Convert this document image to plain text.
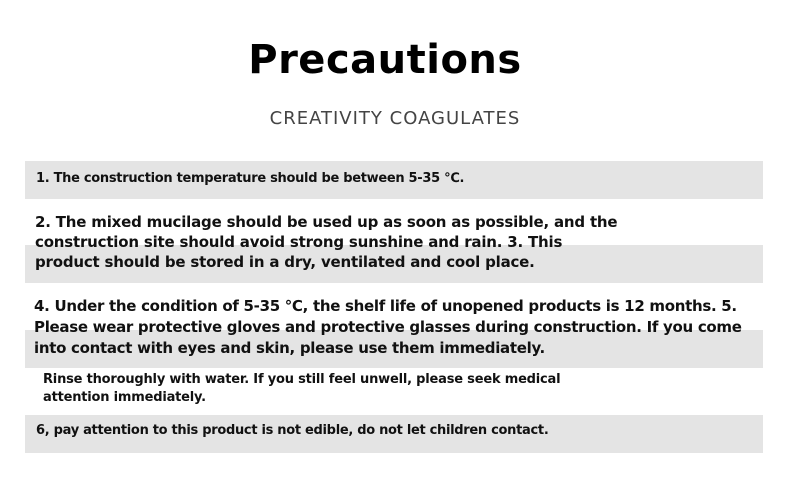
Precautions
CREATIVITY COAGULATES

1. The construction temperature should be between 5-35 ℃.

2. The mixed mucilage should be used up as soon as possible, and the
construction site should avoid strong sunshine and rain. 3. This
product should be stored in a dry, ventilated and cool place.

4. Under the condition of 5-35 ℃, the shelf life of unopened products is 12 months. 5.
Please wear protective gloves and protective glasses during construction. If you come
into contact with eyes and skin, please use them immediately.

Rinse thoroughly with water. If you still feel unwell, please seek medical
attention immediately.

6, pay attention to this product is not edible, do not let children contact.
